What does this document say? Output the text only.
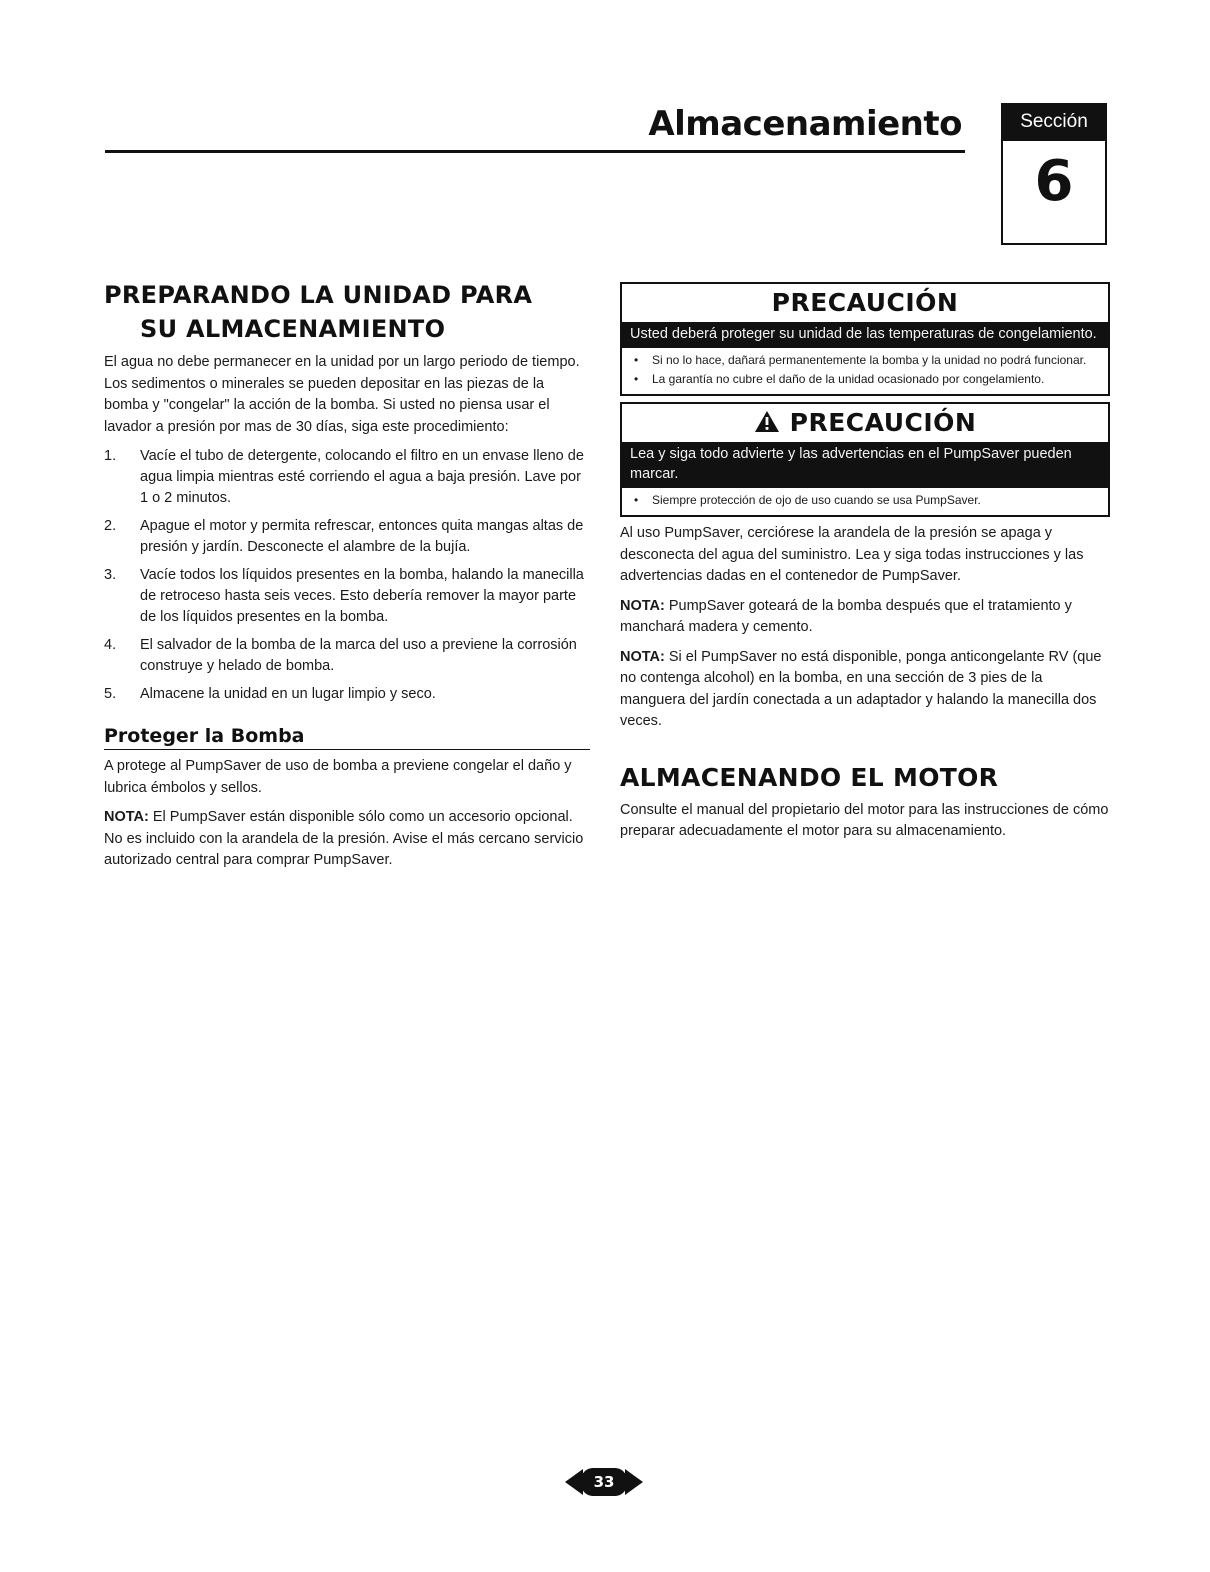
Almacenamiento	Sección
6
PREPARANDO LA UNIDAD PARA
SU ALMACENAMIENTO

El agua no debe permanecer en la unidad por un largo periodo de tiempo. Los sedimentos o minerales se pueden depositar en las piezas de la bomba y "congelar" la acción de la bomba. Si usted no piensa usar el lavador a presión por mas de 30 días, siga este procedimiento:

1. Vacíe el tubo de detergente, colocando el filtro en un envase lleno de agua limpia mientras esté corriendo el agua a baja presión. Lave por 1 o 2 minutos.
2. Apague el motor y permita refrescar, entonces quita mangas altas de presión y jardín. Desconecte el alambre de la bujía.
3. Vacíe todos los líquidos presentes en la bomba, halando la manecilla de retroceso hasta seis veces. Esto debería remover la mayor parte de los líquidos presentes en la bomba.
4. El salvador de la bomba de la marca del uso a previene la corrosión construye y helado de bomba.
5. Almacene la unidad en un lugar limpio y seco.
Proteger la Bomba

A protege al PumpSaver de uso de bomba a previene congelar el daño y lubrica émbolos y sellos.

NOTA: El PumpSaver están disponible sólo como un accesorio opcional. No es incluido con la arandela de la presión. Avise el más cercano servicio autorizado central para comprar PumpSaver.

PRECAUCIÓN
Usted deberá proteger su unidad de las temperaturas de congelamiento.
• Si no lo hace, dañará permanentemente la bomba y la unidad no podrá funcionar.
• La garantía no cubre el daño de la unidad ocasionado por congelamiento.
PRECAUCIÓN
Lea y siga todo advierte y las advertencias en el PumpSaver pueden marcar.
• Siempre protección de ojo de uso cuando se usa PumpSaver.

Al uso PumpSaver, cerciórese la arandela de la presión se apaga y desconecta del agua del suministro. Lea y siga todas instrucciones y las advertencias dadas en el contenedor de PumpSaver.

NOTA: PumpSaver goteará de la bomba después que el tratamiento y manchará madera y cemento.

NOTA: Si el PumpSaver no está disponible, ponga anticongelante RV (que no contenga alcohol) en la bomba, en una sección de 3 pies de la manguera del jardín conectada a un adaptador y halando la manecilla dos veces.

ALMACENANDO EL MOTOR

Consulte el manual del propietario del motor para las instrucciones de cómo preparar adecuadamente el motor para su almacenamiento.

33
